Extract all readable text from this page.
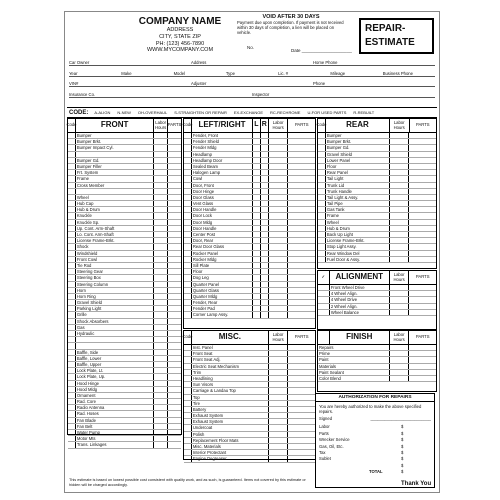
COMPANY NAME
ADDRESS
CITY, STATE ZIP
PH: (123) 456-7890
WWW.MYCOMPANY.COM
VOID AFTER 30 DAYS
Payment due upon completion. If payment is not received within 30 days of completion, a lien will be placed on vehicle.	REPAIR-
ESTIMATE
No.
Date ____________________
Car Owner	Address	Home Phone
Year	Make	Model	Type	Lic. #	Mileage	Business Phone
VIN#	Adjuster	Phone
Insurance Co.	Inspector
CODE: A-ALIGN N-NEW OH-OVERHAUL S-STRAIGHTEN OR REPAIR EX-EXCHANGE RC-RECHROME U-FOR USED PARTS R-REBUILT
Code	FRONT	Labor Hours PARTS
Bumper
Bumper Brkt.
Bumper Impact Cyl.
Bumper Gd.
Bumper Filler
Frt. System
Frame
Cross Member
Wheel
Hub Cap
Hub & Drum
Knuckle
Knuckle Sp.
Up. Cont. Arm-Shaft
Lo. Cont. Arm-Shaft
License Frame-Brkt.
Shock
Windshield
Front Cowl
Tie Rod
Steering Gear
Steering Box
Steering Column
Horn
Horn Ring
Gravel Shield
Parking Light
Grille
Shock Absorbers
Gas
Hydraulic
Baffle, Side
Baffle, Lower
Baffle, Upper
Lock Plate, Lt.
Lock Plate, Up.
Hood Hinge
Hood Mldg
Ornament
Rad. Core
Radio Antenna
Rad. Hoses
Fan Blade
Fan Belt
Water Pump
Motor Mts
Trans. Linkages
Code LEFT/RIGHT	L R	Labor Hours	PARTS
Fender, Front
Fender Shield
Fender Mldg
Headlamp
Headlamp Door
Sealed Beam
Halogen Lamp
Cowl
Door, Front
Door Hinge
Door Glass
Vent Glass
Door Handle
Door Lock
Door Mldg
Door Handle
Center Post
Door, Rear
Rear Door Glass
Rocker Panel
Rocker Mldg
Sill Plate
Floor
Dog Leg
Quarter Panel
Quarter Glass
Quarter Mldg
Fender, Rear
Fender Pad
Corner Lamp Assy.
Code	MISC.	Labor Hours	PARTS
Inst. Panel
Front Seat
Front Seat Adj.
Electric Seat Mechanism
Trim
Headlining
Sun Visors
Carriage & Landau Top
Top
Tire
Battery
Exhaust System
Exhaust System
Undercoat
Polish
Replacement Floor Mats
Misc. Materials
Interior Protectant
Engine Degreaser
Code	REAR	Labor Hours	PARTS
Bumper
Bumper Brkt.
Bumper Gd.
Gravel Shield
Lower Panel
Floor
Rear Panel
Tail Light
Trunk Lid
Trunk Handle
Tail Light & Assy.
Tail Pipe
Gas Tank
Frame
Wheel
Hub & Drum
Back Up Light
License Frame-Brkt.
Stop Light Assy.
Rear Window Del
Fuel Door & Assy.
✓	ALIGNMENT	Labor Hours	PARTS
Front Wheel Drive
4 Wheel Align.
4 Wheel Drive
2 Wheel Align.
Wheel Balance
FINISH	Labor Hours	PARTS
Repairs
Prime
Paint
Materials
Paint Sealant
Color Blend
AUTHORIZATION FOR REPAIRS
You are hereby authorized to make the above specified repairs.
Signed	__________________________
Labor	$
Parts	$
Wrecker Service	$
Gas, Oil, Etc.	$
Tax	$
Sublet	$
$
TOTAL	$
This estimate is based on lowest possible cost consistent with quality work, and as such, is guaranteed. Items not covered by this estimate or hidden will be charged accordingly.	Thank You
